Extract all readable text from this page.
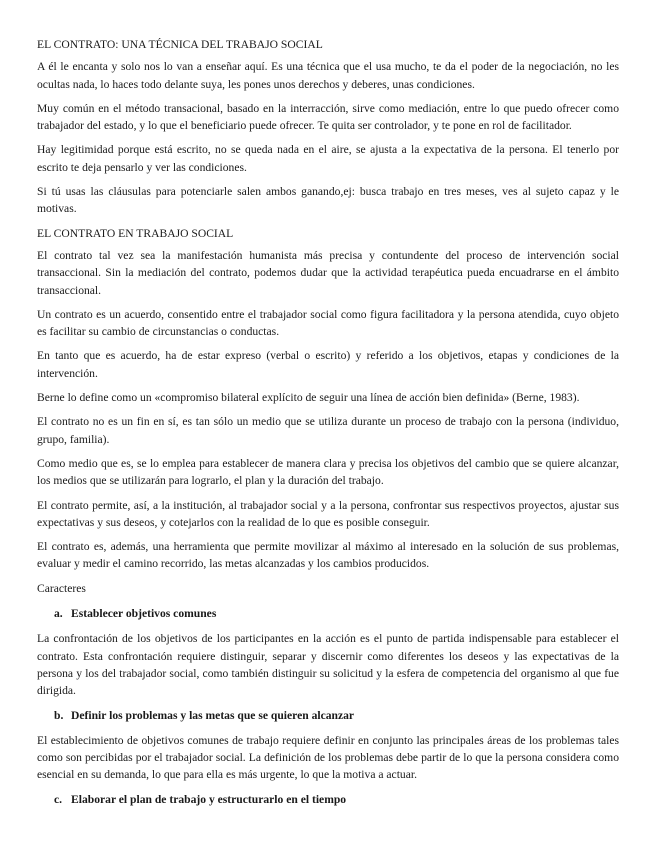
EL CONTRATO: UNA TÉCNICA DEL TRABAJO SOCIAL

A él le encanta y solo nos lo van a enseñar aquí. Es una técnica que el usa mucho, te da el poder de la negociación, no les ocultas nada, lo haces todo delante suya, les pones unos derechos y deberes, unas condiciones.

Muy común en el método transacional, basado en la interracción, sirve como mediación, entre lo que puedo ofrecer como trabajador del estado, y lo que el beneficiario puede ofrecer. Te quita ser controlador, y te pone en rol de facilitador.

Hay legitimidad porque está escrito, no se queda nada en el aire, se ajusta a la expectativa de la persona. El tenerlo por escrito te deja pensarlo y ver las condiciones.

Si tú usas las cláusulas para potenciarle salen ambos ganando,ej: busca trabajo en tres meses, ves al sujeto capaz y le motivas.

EL CONTRATO EN TRABAJO SOCIAL

El contrato tal vez sea la manifestación humanista más precisa y contundente del proceso de intervención social transaccional. Sin la mediación del contrato, podemos dudar que la actividad terapéutica pueda encuadrarse en el ámbito transaccional.

Un contrato es un acuerdo, consentido entre el trabajador social como figura facilitadora y la persona atendida, cuyo objeto es facilitar su cambio de circunstancias o conductas.

En tanto que es acuerdo, ha de estar expreso (verbal o escrito) y referido a los objetivos, etapas y condiciones de la intervención.

Berne lo define como un «compromiso bilateral explícito de seguir una línea de acción bien definida» (Berne, 1983).

El contrato no es un fin en sí, es tan sólo un medio que se utiliza durante un proceso de trabajo con la persona (individuo, grupo, familia).

Como medio que es, se lo emplea para establecer de manera clara y precisa los objetivos del cambio que se quiere alcanzar, los medios que se utilizarán para lograrlo, el plan y la duración del trabajo.

El contrato permite, así, a la institución, al trabajador social y a la persona, confrontar sus respectivos proyectos, ajustar sus expectativas y sus deseos, y cotejarlos con la realidad de lo que es posible conseguir.

El contrato es, además, una herramienta que permite movilizar al máximo al interesado en la solución de sus problemas, evaluar y medir el camino recorrido, las metas alcanzadas y los cambios producidos.

Caracteres
a. Establecer objetivos comunes

La confrontación de los objetivos de los participantes en la acción es el punto de partida indispensable para establecer el contrato. Esta confrontación requiere distinguir, separar y discernir como diferentes los deseos y las expectativas de la persona y los del trabajador social, como también distinguir su solicitud y la esfera de competencia del organismo al que fue dirigida.

b. Definir los problemas y las metas que se quieren alcanzar

El establecimiento de objetivos comunes de trabajo requiere definir en conjunto las principales áreas de los problemas tales como son percibidas por el trabajador social. La definición de los problemas debe partir de lo que la persona considera como esencial en su demanda, lo que para ella es más urgente, lo que la motiva a actuar.

c. Elaborar el plan de trabajo y estructurarlo en el tiempo
